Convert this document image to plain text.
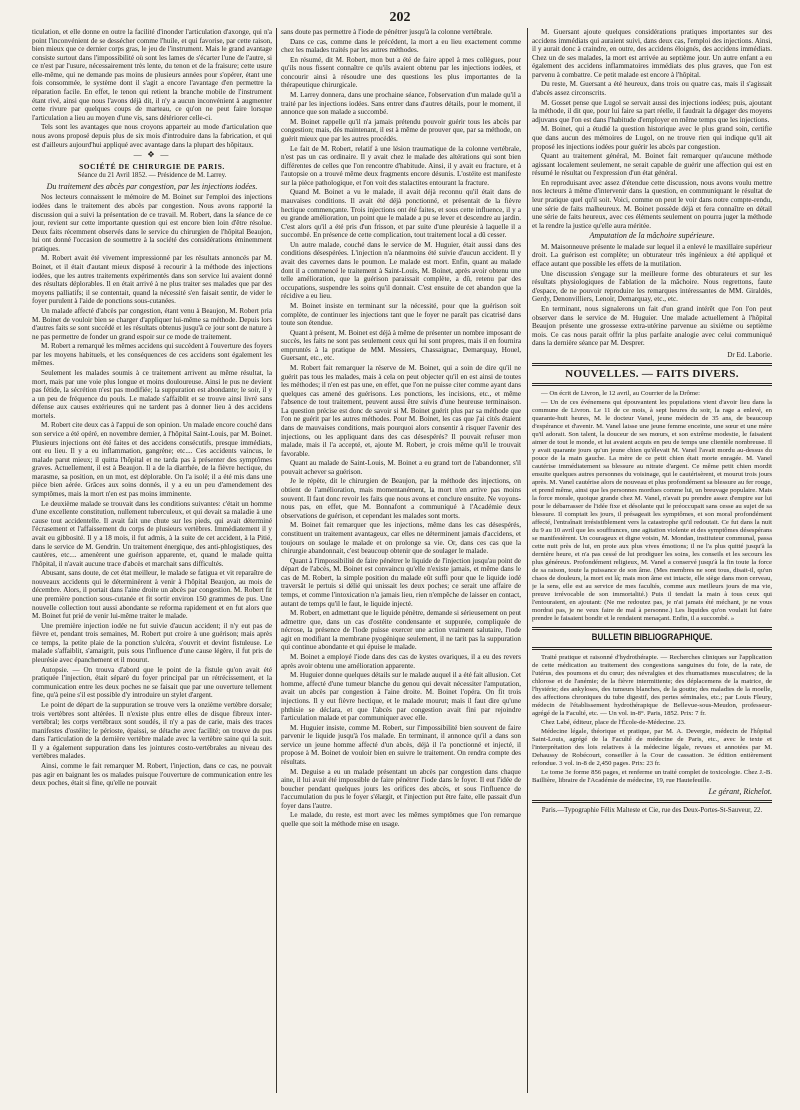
202

ticulation, et elle donne en outre la facilité d'inonder l'articulation d'axonge, qui n'a point l'inconvénient de se dessécher comme l'huile, et qui favorise, par cette raison, bien mieux que ce dernier corps gras, le jeu de l'instrument. Mais le grand avantage consiste surtout dans l'impossibilité où sont les lames de s'écarter l'une de l'autre, si ce n'est par l'usure, nécessairement très lente, du tenon et de la fraisure; cette usure elle-même, qui ne demande pas moins de plusieurs années pour s'opérer, étant une fois consommée, le système dont il s'agit a encore l'avantage d'en permettre la réparation facile. En effet, le tenon qui retient la branche mobile de l'instrument étant rivé, ainsi que nous l'avons déjà dit, il n'y a aucun inconvénient à augmenter cette rivure par quelques coups de marteau, ce qu'on ne peut faire lorsque l'articulation a lieu au moyen d'une vis, sans détériorer celle-ci.

Tels sont les avantages que nous croyons apparteir au mode d'articulation que nous avons proposé depuis plus de six mois d'introduire dans la fabrication, et qui est d'ailleurs aujourd'hui appliqué avec avantage dans la plupart des hôpitaux.

— ✥ —
SOCIÉTÉ DE CHIRURGIE DE PARIS.
Séance du 21 Avril 1852. — Présidence de M. Larrey.
Du traitement des abcès par congestion, par les injections iodées.

Nos lecteurs connaissent le mémoire de M. Boinet sur l'emploi des injections iodées dans le traitement des abcès par congestion. Nous avons rapporté la discussion qui a suivi la présentation de ce travail. M. Robert, dans la séance de ce jour, revient sur cette importante question qui est encore bien loin d'être résolue. Deux faits récemment observés dans le service du chirurgien de l'hôpital Beaujon, lui ont donné l'occasion de soumettre à la société des considérations éminemment pratiques.

M. Robert avait été vivement impressionné par les résultats annoncés par M. Boinet, et il était d'autant mieux disposé à recourir à la méthode des injections iodées, que les autres traitements expérimentés dans son service lui avaient donné des résultats déplorables. Il en était arrivé à ne plus traiter ses malades que par des moyens palliatifs; il se contentait, quand la nécessité s'en faisait sentir, de vider le foyer purulent à l'aide de ponctions sous-cutanées.

Un malade affecté d'abcès par congestion, étant venu à Beaujon, M. Robert pria M. Boinet de vouloir bien se charger d'appliquer lui-même sa méthode. Depuis lors d'autres faits se sont succédé et les résultats obtenus jusqu'à ce jour sont de nature à ne pas permettre de fonder un grand espoir sur ce mode de traitement.

M. Robert a remarqué les mêmes accidens qui succèdent à l'ouverture des foyers par les moyens habituels, et les conséquences de ces accidens sont également les mêmes.

Seulement les malades soumis à ce traitement arrivent au même résultat, la mort, mais par une voie plus longue et moins douloureuse. Ainsi le pus ne devient pas fétide, la sécrétion n'est pas modifiée; la suppuration est abondante; le soir, il y a un peu de fréquence du pouls. Le malade s'affaiblit et se trouve ainsi livré sans défense aux causes extérieures qui ne tardent pas à donner lieu à des accidens mortels.

M. Robert cite deux cas à l'appui de son opinion. Un malade encore couché dans son service a été opéré, en novembre dernier, à l'hôpital Saint-Louis, par M. Boinet. Plusieurs injections ont été faites et des accidens consécutifs, presque immédiats, ont eu lieu. Il y a eu inflammation, gangrène; etc.... Ces accidents vaincus, le malade parut mieux; il quitta l'hôpital et ne tarda pas à présenter des symptômes graves. Actuellement, il est à Beaujon. Il a de la diarrhée, de la fièvre hectique, du marasme, sa position, en un mot, est déplorable. On l'a isolé; il a été mis dans une pièce bien aérée. Grâces aux soins donnés, il y a eu un peu d'amendement des symptômes, mais la mort n'en est pas moins imminente.

Le deuxième malade se trouvait dans les conditions suivantes: c'était un homme d'une excellente constitution, nullement tuberculeux, et qui devait sa maladie à une cause tout accidentelle. Il avait fait une chute sur les pieds, qui avait déterminé l'écrasement et l'affaissement du corps de plusieurs vertèbres. Immédiatement il y avait eu gibbosité. Il y a 18 mois, il fut admis, à la suite de cet accident, à la Pitié, dans le service de M. Gendrin. Un traitement énergique, des anti-phlogistiques, des cautères, etc.... amenèrent une guérison apparente, et, quand le malade quitta l'hôpital, il n'avait aucune trace d'abcès et marchait sans difficultés.

Abusant, sans doute, de cet état meilleur, le malade se fatigua et vit reparaître de nouveaux accidents qui le déterminèrent à venir à l'hôpital Beaujon, au mois de décembre. Alors, il portait dans l'aine droite un abcès par congestion. M. Robert fit une première ponction sous-cutanée et fit sortir environ 150 grammes de pus. Une nouvelle collection tout aussi abondante se reforma rapidement et en fut alors que M. Boinet fut prié de venir lui-même traiter le malade.

Une première injection iodée ne fut suivie d'aucun accident; il n'y eut pas de fièvre et, pendant trois semaines, M. Robert put croire à une guérison; mais après ce temps, la petite plaie de la ponction s'ulcéra, s'ouvrit et devint fistuleuse. Le malade s'affaiblit, s'amaigrit, puis sous l'influence d'une cause légère, il fut pris de pleurésie avec épanchement et il mourut.

Autopsie. — On trouva d'abord que le point de la fistule qu'on avait été pratiquée l'injection, était séparé du foyer principal par un rétrécissement, et la communication entre les deux poches ne se faisait que par une ouverture tellement fine, qu'à peine s'il est possible d'y introduire un stylet d'argent.

Le point de départ de la suppuration se trouve vers la onzième vertèbre dorsale; trois vertèbres sont altérées. Il n'existe plus entre elles de disque fibreux inter-vertébral; les corps vertébraux sont soudés, il n'y a pas de carie, mais des traces manifestes d'ostéite; le périoste, épaissi, se détache avec facilité; on trouve du pus dans l'articulation de la dernière vertèbre malade avec la vertèbre saine qui la suit. Il y a également suppuration dans les jointures costo-vertébrales au niveau des vertèbres malades.

Ainsi, comme le fait remarquer M. Robert, l'injection, dans ce cas, ne pouvait pas agir en baignant les os malades puisque l'ouverture de communication entre les deux poches, était si fine, qu'elle ne pouvait

sans doute pas permettre à l'iode de pénétrer jusqu'à la colonne vertébrale.

Dans ce cas, comme dans le précédent, la mort a eu lieu exactement comme chez les malades traités par les autres méthodes.

En résumé, dit M. Robert, mon but a été de faire appel à mes collègues, pour qu'ils nous fissent connaître ce qu'ils avaient obtenu par les injections iodées, et concourir ainsi à résoudre une des questions les plus importantes de la thérapeutique chirurgicale.

M. Larrey donnera, dans une prochaine séance, l'observation d'un malade qu'il a traité par les injections iodées. Sans entrer dans d'autres détails, pour le moment, il annonce que son malade a succombé.

M. Boinet rappelle qu'il n'a jamais prétendu pouvoir guérir tous les abcès par congestion; mais, dès maintenant, il est à même de prouver que, par sa méthode, on guérit mieux que par les autres procédés.

Le fait de M. Robert, relatif à une lésion traumatique de la colonne vertébrale, n'est pas un cas ordinaire. Il y avait chez le malade des altérations qui sont bien différentes de celles que l'on rencontre d'habitude. Ainsi, il y avait eu fracture, et à l'autopsie on a trouvé même deux fragments encore désunis. L'ostéite est manifeste sur la pièce pathologique, et l'on voit des stalactites entourant la fracture.

Quand M. Boinet a vu le malade, il avait déjà reconnu qu'il était dans de mauvaises conditions. Il avait été déjà ponctionné, et présentait de la fièvre hectique commençante. Trois injections ont été faites, et sous cette influence, il y a eu grande amélioration, un point que le malade a pu se lever et descendre au jardin. C'est alors qu'il a été pris d'un frisson, et par suite d'une pleurésie à laquelle il a succombé. En présence de cette complication, tout traitement local a dû cesser.

Un autre malade, couché dans le service de M. Huguier, était aussi dans des conditions désespérées. L'injection n'a néanmoins été suivie d'aucun accident. Il y avait des cavernes dans le poumon. Le malade est mort. Enfin, quant au malade dont il a commencé le traitement à Saint-Louis, M. Boinet, après avoir obtenu une telle amélioration, que la guérison paraissait complète, a dû, retenu par des occupations, suspendre les soins qu'il donnait. C'est ensuite de cet abandon que la récidive a eu lieu.

M. Boinet insiste en terminant sur la nécessité, pour que la guérison soit complète, de continuer les injections tant que le foyer ne paraît pas cicatrisé dans toute son étendue.

Quant à présent, M. Boinet est déjà à même de présenter un nombre imposant de succès, les faits ne sont pas seulement ceux qui lui sont propres, mais il en fournira empruntés à la pratique de MM. Messiers, Chassaignac, Demarquay, Houel, Guersant, etc., etc.

M. Robert fait remarquer la réserve de M. Boinet, qui a soin de dire qu'il ne guérit pas tous les malades, mais à cela on peut objecter qu'il en est ainsi de toutes les méthodes; il n'en est pas une, en effet, que l'on ne puisse citer comme ayant dans quelques cas amené des guérisons. Les ponctions, les incisions, etc., et même l'absence de tout traitement, peuvent aussi être suivis d'une heureuse terminaison. La question précise est donc de savoir si M. Boinet guérit plus par sa méthode que l'on ne guérit par les autres méthodes. Pour M. Boinet, les cas que j'ai cités étaient dans de mauvaises conditions, mais pourquoi alors consentir à risquer l'avenir des injections, ou les appliquant dans des cas désespérés? Il pouvait refuser mon malade, mais il l'a accepté, et, ajoute M. Robert, je crois même qu'il le trouvait favorable.

Quant au malade de Saint-Louis, M. Boinet a eu grand tort de l'abandonner, s'il pouvait achever sa guérison.

Je le répète, dit le chirurgien de Beaujon, par la méthode des injections, on obtient de l'amélioration, mais momentanément, la mort n'en arrive pas moins souvent. Il faut donc revoir les faits que nous avons et conclure ensuite. Ne voyons-nous pas, en effet, que M. Bonnafont a communiqué à l'Académie deux observations de guérison, et cependant les malades sont morts.

M. Boinet fait remarquer que les injections, même dans les cas désespérés, constituent un traitement avantageux, car elles ne déterminent jamais d'accidens, et toujours on soulage le malade et on prolonge sa vie. Or, dans ces cas que la chirurgie abandonnait, c'est beaucoup obtenir que de soulager le malade.

Quant à l'impossibilité de faire pénétrer le liquide de l'injection jusqu'au point de départ de l'abcès, M. Boinet est convaincu qu'elle n'existe jamais, et même dans le cas de M. Robert, la simple position du malade eût suffi pour que le liquide iodé traversât le pertuis si délié qui unissait les deux poches; ce serait une affaire de temps, et comme l'intoxication n'a jamais lieu, rien n'empêche de laisser en contact, autant de temps qu'il le faut, le liquide injecté.

M. Robert, en admettant que le liquide pénètre, demande si sérieusement on peut admettre que, dans un cas d'ostéite condensante et suppurée, compliquée de nécrose, la présence de l'iode puisse exercer une action vraiment salutaire, l'iode agit en modifiant la membrane pyogénique seulement, il ne tarit pas la suppuration qui continue abondante et qui épuise le malade.

M. Boinet a employé l'iode dans des cas de kystes ovariques, il a eu des revers après avoir obtenu une amélioration apparente.

M. Huguier donne quelques détails sur le malade auquel il a été fait allusion. Cet homme, affecté d'une tumeur blanche du genou qui devait nécessiter l'amputation, avait un abcès par congestion à l'aine droite. M. Boinet l'opéra. On fit trois injections. Il y eut fièvre hectique, et le malade mourut; mais il faut dire qu'une phthisie se déclara, et que l'abcès par congestion avait fini par rejoindre l'articulation malade et par communiquer avec elle.

M. Huguier insiste, comme M. Robert, sur l'impossibilité bien souvent de faire parvenir le liquide jusqu'à l'os malade. En terminant, il annonce qu'il a dans son service un jeune homme affecté d'un abcès, déjà il l'a ponctionné et injecté, il propose à M. Boinet de vouloir bien en suivre le traitement. On rendra compte des résultats.

M. Deguise a eu un malade présentant un abcès par congestion dans chaque aine, il lui avait été impossible de faire pénétrer l'iode dans le foyer. Il eut l'idée de boucher pendant quelques jours les orifices des abcès, et sous l'influence de l'accumulation du pus le foyer s'élargit, et l'injection put être faite, elle passait d'un foyer dans l'autre.

Le malade, du reste, est mort avec les mêmes symptômes que l'on remarque quelle que soit la méthode mise en usage.

M. Guersant ajoute quelques considérations pratiques importantes sur des accidens immédiats qui auraient suivi, dans deux cas, l'emploi des injections. Ainsi, il y aurait donc à craindre, en outre, des accidens éloignés, des accidens immédiats. Chez un de ses malades, la mort est arrivée au septième jour. Un autre enfant a eu également des accidens inflammatoires immédiats des plus graves, que l'on est parvenu à combattre. Ce petit malade est encore à l'hôpital.

Du reste, M. Guersant a été heureux, dans trois ou quatre cas, mais il s'agissait d'abcès assez circonscrits.

M. Gosset pense que Lugol se servait aussi des injections iodées; puis, ajoutant la méthode, il dit que, pour lui faire sa part réelle, il faudrait la dégager des moyens adjuvans que l'on est dans l'habitude d'employer en même temps que les injections.

M. Boinet, qui a étudié la question historique avec le plus grand soin, certifie que dans aucun des mémoires de Lugol, on ne trouve rien qui indique qu'il ait proposé les injections iodées pour guérir les abcès par congestion.

Quant au traitement général, M. Boinet fait remarquer qu'aucune méthode agissant localement seulement, ne serait capable de guérir une affection qui est en résumé le résultat ou l'expression d'un état général.

En reproduisant avec assez d'étendue cette discussion, nous avons voulu mettre nos lecteurs à même d'intervenir dans la question, en communiquant le résultat de leur pratique quel qu'il soit. Voici, comme on peut le voir dans notre compte-rendu, une série de faits malheureux. M. Boinet possède déjà et fera connaître en détail une série de faits heureux, avec ces éléments seulement on pourra juger la méthode et la rendre la justice qu'elle aura méritée.

Amputation de la mâchoire supérieure.

M. Maisonneuve présente le malade sur lequel il a enlevé le maxillaire supérieur droit. La guérison est complète; un obturateur très ingénieux a été appliqué et efface autant que possible les effets de la mutilation.

Une discussion s'engage sur la meilleure forme des obturateurs et sur les résultats physiologiques de l'ablation de la mâchoire. Nous regrettons, faute d'espace, de ne pouvoir reproduire les remarques intéressantes de MM. Giraldès, Gerdy, Denonvilliers, Lenoir, Demarquay, etc., etc.

En terminant, nous signalerons un fait d'un grand intérêt que l'on l'on peut observer dans le service de M. Huguier. Une malade actuellement à l'hôpital Beaujon présente une grossesse extra-utérine parvenue au sixième ou septième mois. Ce cas nous parait offrir la plus parfaite analogie avec celui communiqué dans la dernière séance par M. Desprer.

Dr Ed. Laborie.
NOUVELLES. — FAITS DIVERS.

— On écrit de Livron, le 12 avril, au Courrier de la Drôme:

— Un de ces événemens qui épouvantent les populations vient d'avoir lieu dans la commune de Livron. Le 11 de ce mois, à sept heures du soir, la rage a enlevé, en quarante-huit heures, M. le docteur Vanel, jeune médecin de 35 ans, de beaucoup d'espérance et d'avenir. M. Vanel laisse une jeune femme enceinte, une sœur et une mère qu'il adorait. Son talent, la douceur de ses mœurs, et son extrême modestie, le faisaient aimer de tout le monde, et lui avaient acquis en peu de temps une clientèle nombreuse. Il y avait quarante jours qu'un jeune chien qu'élevait M. Vanel l'avait mordu au-dessus du pouce de la main gauche. La mère de ce petit chien était morte enragée. M. Vanel cautérise immédiatement sa blessure au nitrate d'argent. Ce même petit chien mordit ensuite quelques autres personnes du voisinage, qui le cautérisèrent, et mourut trois jours après. M. Vanel cautérise alors de nouveau et plus profondément sa blessure au fer rouge, et prend même, ainsi que les personnes mordues comme lui, un breuvage populaire. Mais la force morale, quoique grande chez M. Vanel, n'avait pu prendre assez d'empire sur lui pour le débarrasser de l'idée fixe et désolante qui le préoccupait sans cesse au sujet de sa blessure. Il comptait les jours, il présageait les symptômes, et son moral profondément affecté, l'entraînait irrésistiblement vers la catastrophe qu'il redoutait. Ce fut dans la nuit du 9 au 10 avril que les souffrances, une agitation violente et des symptômes désespérans se manifestèrent. Un courageux et digne voisin, M. Mondan, instituteur communal, passa cette nuit près de lui, en proie aux plus vives émotions; il ne l'a plus quitté jusqu'à la dernière heure, et n'a pas cessé de lui prodiguer les soins, les conseils et les secours les plus généreux. Profondément religieux, M. Vanel a conservé jusqu'à la fin toute la force de sa raison, toute la puissance de son âme. (Mes membres ne sont tous, disait-il, qu'un chaos de douleurs, la mort est là; mais mon âme est intacte, elle siège dans mon cerveau, je la sens, elle est au service de mes facultés, comme aux meilleurs jours de ma vie, preuve irrévocable de son immortalité.) Puis il tendait la main à tous ceux qui l'entouraient, en ajoutant: (Ne me redoutez pas, je n'ai jamais été méchant, je ne vous mordrai pas, je ne veux faire de mal à personne.) Les liquides qu'on voulait lui faire prendre le faisaient bondir et le rendaient menaçant. Enfin, il a succombé. »

BULLETIN BIBLIOGRAPHIQUE.

Traité pratique et raisonné d'hydrothérapie. — Recherches cliniques sur l'application de cette médication au traitement des congestions sanguines du foie, de la rate, de l'utérus, des poumons et du cœur; des névralgies et des rhumatismes musculaires; de la chlorose et de l'anémie; de la fièvre intermittente; des déplacemens de la matrice, de l'hystérie; des ankyloses, des tumeurs blanches, de la goutte; des maladies de la moelle, des affections chroniques du tube digestif, des pertes séminales, etc.; par Louis Fleury, médecin de l'établissement hydrothérapique de Bellevue-sous-Meudon, professeur-agrégé de la Faculté, etc. — Un vol. in-8°. Paris, 1852. Prix: 7 fr.

Chez Labé, éditeur, place de l'École-de-Médecine. 23.

Médecine légale, théorique et pratique, par M. A. Devergie, médecin de l'hôpital Saint-Louis, agrégé de la Faculté de médecine de Paris, etc., avec le texte et l'interprétation des lois relatives à la médecine légale, revues et annotées par M. Dehaussy de Robécourt, conseiller à la Cour de cassation. 3e édition entièrement refondue. 3 vol. in-8 de 2,450 pages. Prix: 23 fr.

Le tome 3e forme 856 pages, et renferme un traité complet de toxicologie. Chez J.-B. Baillière, libraire de l'Académie de médecine, 19, rue Hautefeuille.

Le gérant, Richelot.
Paris.—Typographie Félix Malteste et Cie, rue des Deux-Portes-St-Sauveur, 22.
